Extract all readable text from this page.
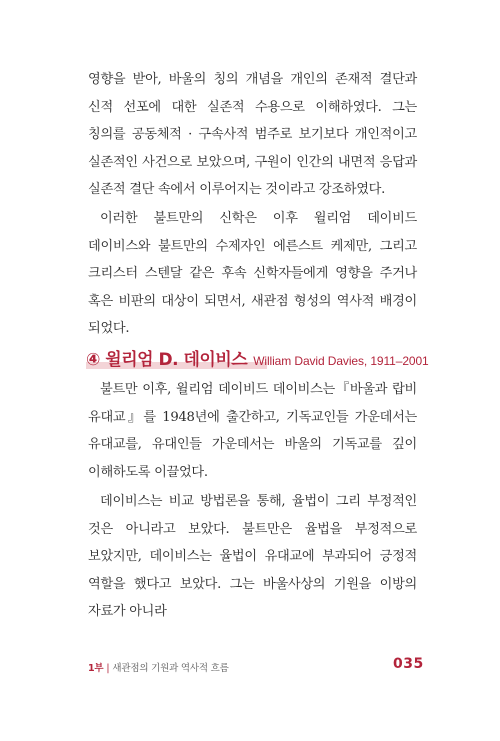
영향을 받아, 바울의 칭의 개념을 개인의 존재적 결단과 신적 선포에 대한 실존적 수용으로 이해하였다. 그는 칭의를 공동체적 · 구속사적 범주로 보기보다 개인적이고 실존적인 사건으로 보았으며, 구원이 인간의 내면적 응답과 실존적 결단 속에서 이루어지는 것이라고 강조하였다.

이러한 불트만의 신학은 이후 윌리엄 데이비드 데이비스와 불트만의 수제자인 에른스트 케제만, 그리고 크리스터 스텐달 같은 후속 신학자들에게 영향을 주거나 혹은 비판의 대상이 되면서, 새관점 형성의 역사적 배경이 되었다.

④ 윌리엄 D. 데이비스 William David Davies, 1911–2001

불트만 이후, 윌리엄 데이비드 데이비스는『바울과 랍비 유대교』를 1948년에 출간하고, 기독교인들 가운데서는 유대교를, 유대인들 가운데서는 바울의 기독교를 깊이 이해하도록 이끌었다.

데이비스는 비교 방법론을 통해, 율법이 그리 부정적인 것은 아니라고 보았다. 불트만은 율법을 부정적으로 보았지만, 데이비스는 율법이 유대교에 부과되어 긍정적 역할을 했다고 보았다. 그는 바울사상의 기원을 이방의 자료가 아니라

1부 | 새관점의 기원과 역사적 흐름	035
